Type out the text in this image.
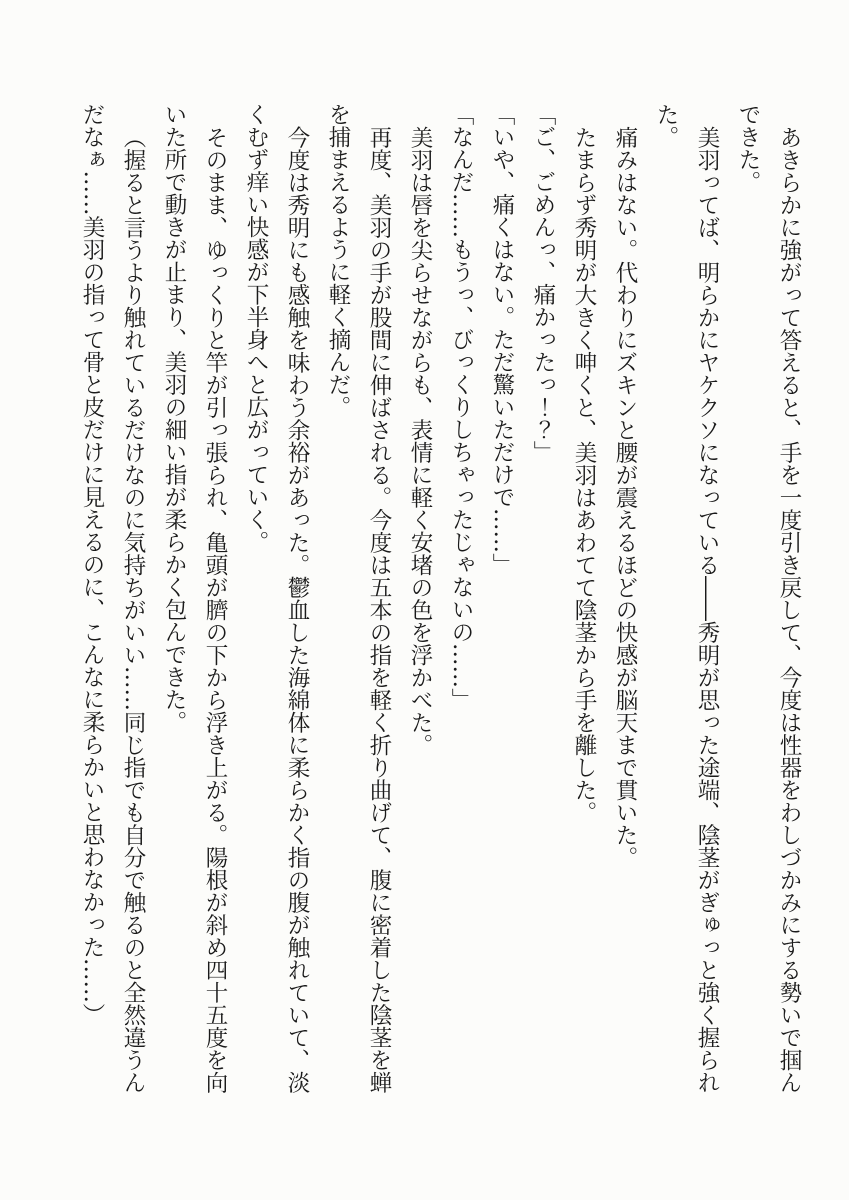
あきらかに強がって答えると、手を一度引き戻して、今度は性器をわしづかみにする勢いで掴んできた。

美羽ってば、明らかにヤケクソになっている――秀明が思った途端、陰茎がぎゅっと強く握られた。

痛みはない。代わりにズキンと腰が震えるほどの快感が脳天まで貫いた。

たまらず秀明が大きく呻くと、美羽はあわてて陰茎から手を離した。

「ご、ごめんっ、痛かったっ！？」

「いや、痛くはない。ただ驚いただけで……」

「なんだ……もうっ、びっくりしちゃったじゃないの……」

美羽は唇を尖らせながらも、表情に軽く安堵の色を浮かべた。

再度、美羽の手が股間に伸ばされる。今度は五本の指を軽く折り曲げて、腹に密着した陰茎を蝉を捕まえるように軽く摘んだ。

今度は秀明にも感触を味わう余裕があった。鬱血した海綿体に柔らかく指の腹が触れていて、淡くむず痒い快感が下半身へと広がっていく。

そのまま、ゆっくりと竿が引っ張られ、亀頭が臍の下から浮き上がる。陽根が斜め四十五度を向いた所で動きが止まり、美羽の細い指が柔らかく包んできた。

（握ると言うより触れているだけなのに気持ちがいい……同じ指でも自分で触るのと全然違うんだなぁ……美羽の指って骨と皮だけに見えるのに、こんなに柔らかいと思わなかった……）
